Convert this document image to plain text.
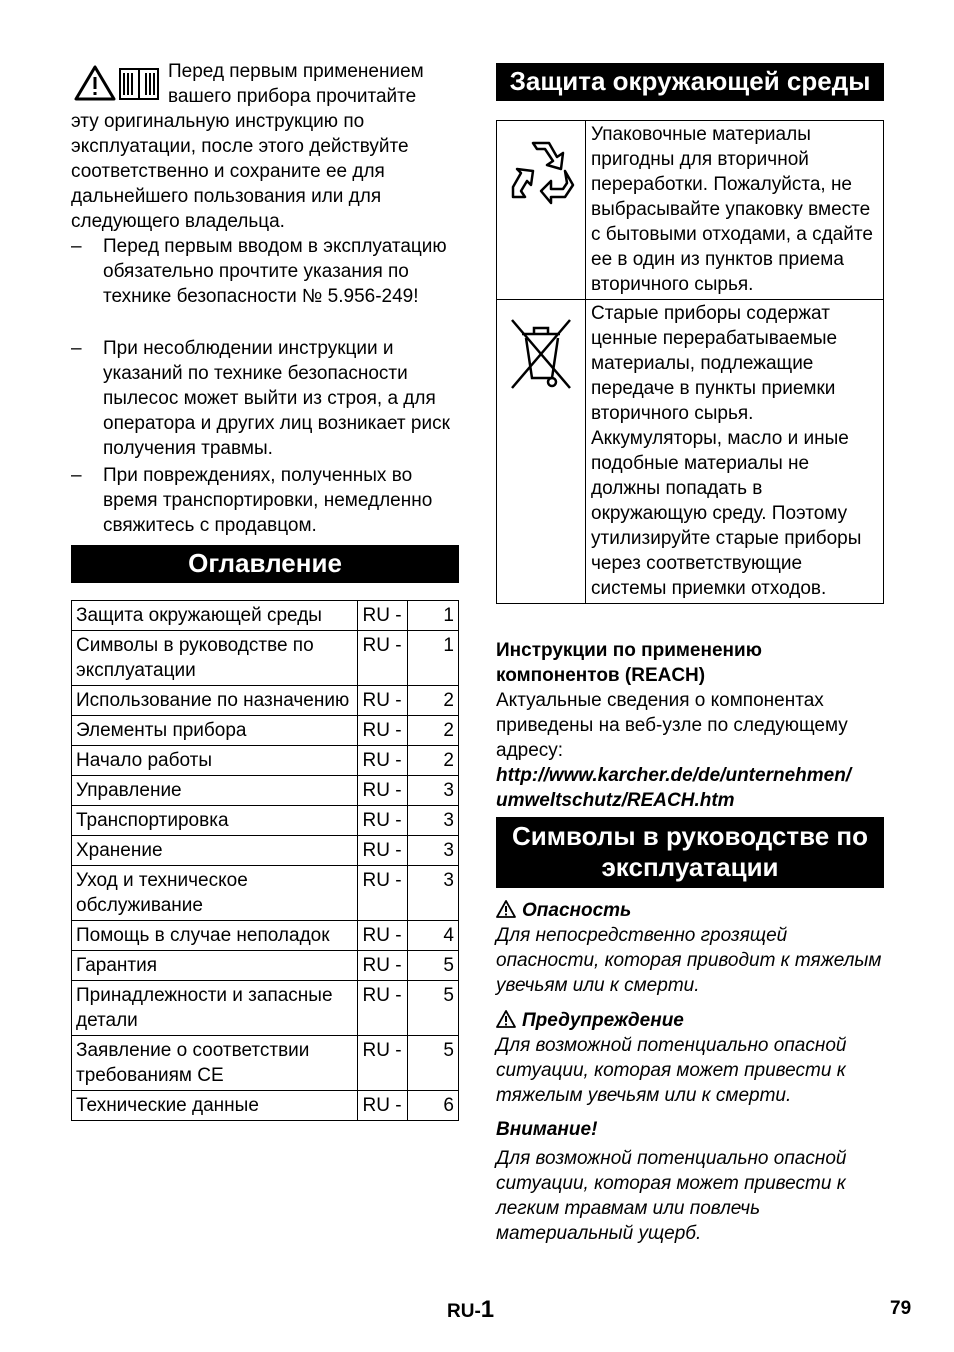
Перед первым применением

вашего прибора прочитайте

эту оригинальную инструкцию по эксплуатации, после этого действуйте соответственно и сохраните ее для дальнейшего пользования или для следующего владельца.

– Перед первым вводом в эксплуатацию обязательно прочтите указания по технике безопасности № 5.956-249!
– При несоблюдении инструкции и указаний по технике безопасности пылесос может выйти из строя, а для оператора и других лиц возникает риск получения травмы.
– При повреждениях, полученных во время транспортировки, немедленно свяжитесь с продавцом.
Оглавление
Защита окружающей среды	RU -	1
Символы в руководстве по эксплуатации	RU -	1
Использование по назначению	RU -	2
Элементы прибора	RU -	2
Начало работы	RU -	2
Управление	RU -	3
Транспортировка	RU -	3
Хранение	RU -	3
Уход и техническое обслуживание	RU -	3
Помощь в случае неполадок	RU -	4
Гарантия	RU -	5
Принадлежности и запасные детали	RU -	5
Заявление о соответствии требованиям CE	RU -	5
Технические данные	RU -	6
Защита окружающей среды
	Упаковочные материалы пригодны для вторичной переработки. Пожалуйста, не выбрасывайте упаковку вместе с бытовыми отходами, а сдайте ее в один из пунктов приема вторичного сырья.
	Старые приборы содержат ценные перерабатываемые материалы, подлежащие передаче в пункты приемки вторичного сырья. Аккумуляторы, масло и иные подобные материалы не должны попадать в окружающую среду. Поэтому утилизируйте старые приборы через соответствующие системы приемки отходов.
Инструкции по применению компонентов (REACH)
Актуальные сведения о компонентах приведены на веб-узле по следующему адресу:
http://www.karcher.de/de/unternehmen/
umweltschutz/REACH.htm
Символы в руководстве по
эксплуатации
Опасность
Для непосредственно грозящей опасности, которая приводит к тяжелым увечьям или к смерти.
Предупреждение
Для возможной потенциально опасной ситуации, которая может привести к тяжелым увечьям или к смерти.
Внимание!
Для возможной потенциально опасной ситуации, которая может привести к легким травмам или повлечь материальный ущерб.
RU-1	79
